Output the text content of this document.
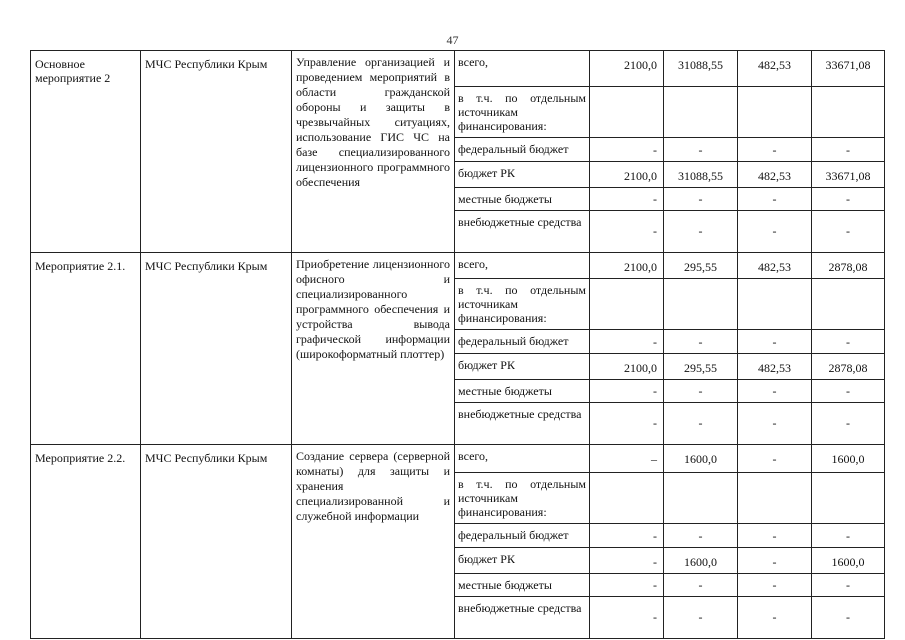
47
Основное мероприятие 2	МЧС Республики Крым	Управление организацией и проведением мероприятий в области гражданской обороны и защиты в чрезвычайных ситуациях, использование ГИС ЧС на базе специализированного лицензионного программного обеспечения	всего,	2100,0	31088,55	482,53	33671,08
			в т.ч. по отдельным источникам финансирования:				
			федеральный бюджет	-	-	-	-
			бюджет РК	2100,0	31088,55	482,53	33671,08
			местные бюджеты	-	-	-	-
			внебюджетные средства	-	-	-	-
Мероприятие 2.1.	МЧС Республики Крым	Приобретение лицензионного офисного и специализированного программного обеспечения и устройства вывода графической информации (широкоформатный плоттер)	всего,	2100,0	295,55	482,53	2878,08
			в т.ч. по отдельным источникам финансирования:				
			федеральный бюджет	-	-	-	-
			бюджет РК	2100,0	295,55	482,53	2878,08
			местные бюджеты	-	-	-	-
			внебюджетные средства	-	-	-	-
Мероприятие 2.2.	МЧС Республики Крым	Создание сервера (серверной комнаты) для защиты и хранения специализированной и служебной информации	всего,	–	1600,0	-	1600,0
			в т.ч. по отдельным источникам финансирования:				
			федеральный бюджет	-	-	-	-
			бюджет РК	-	1600,0	-	1600,0
			местные бюджеты	-	-	-	-
			внебюджетные средства	-	-	-	-
